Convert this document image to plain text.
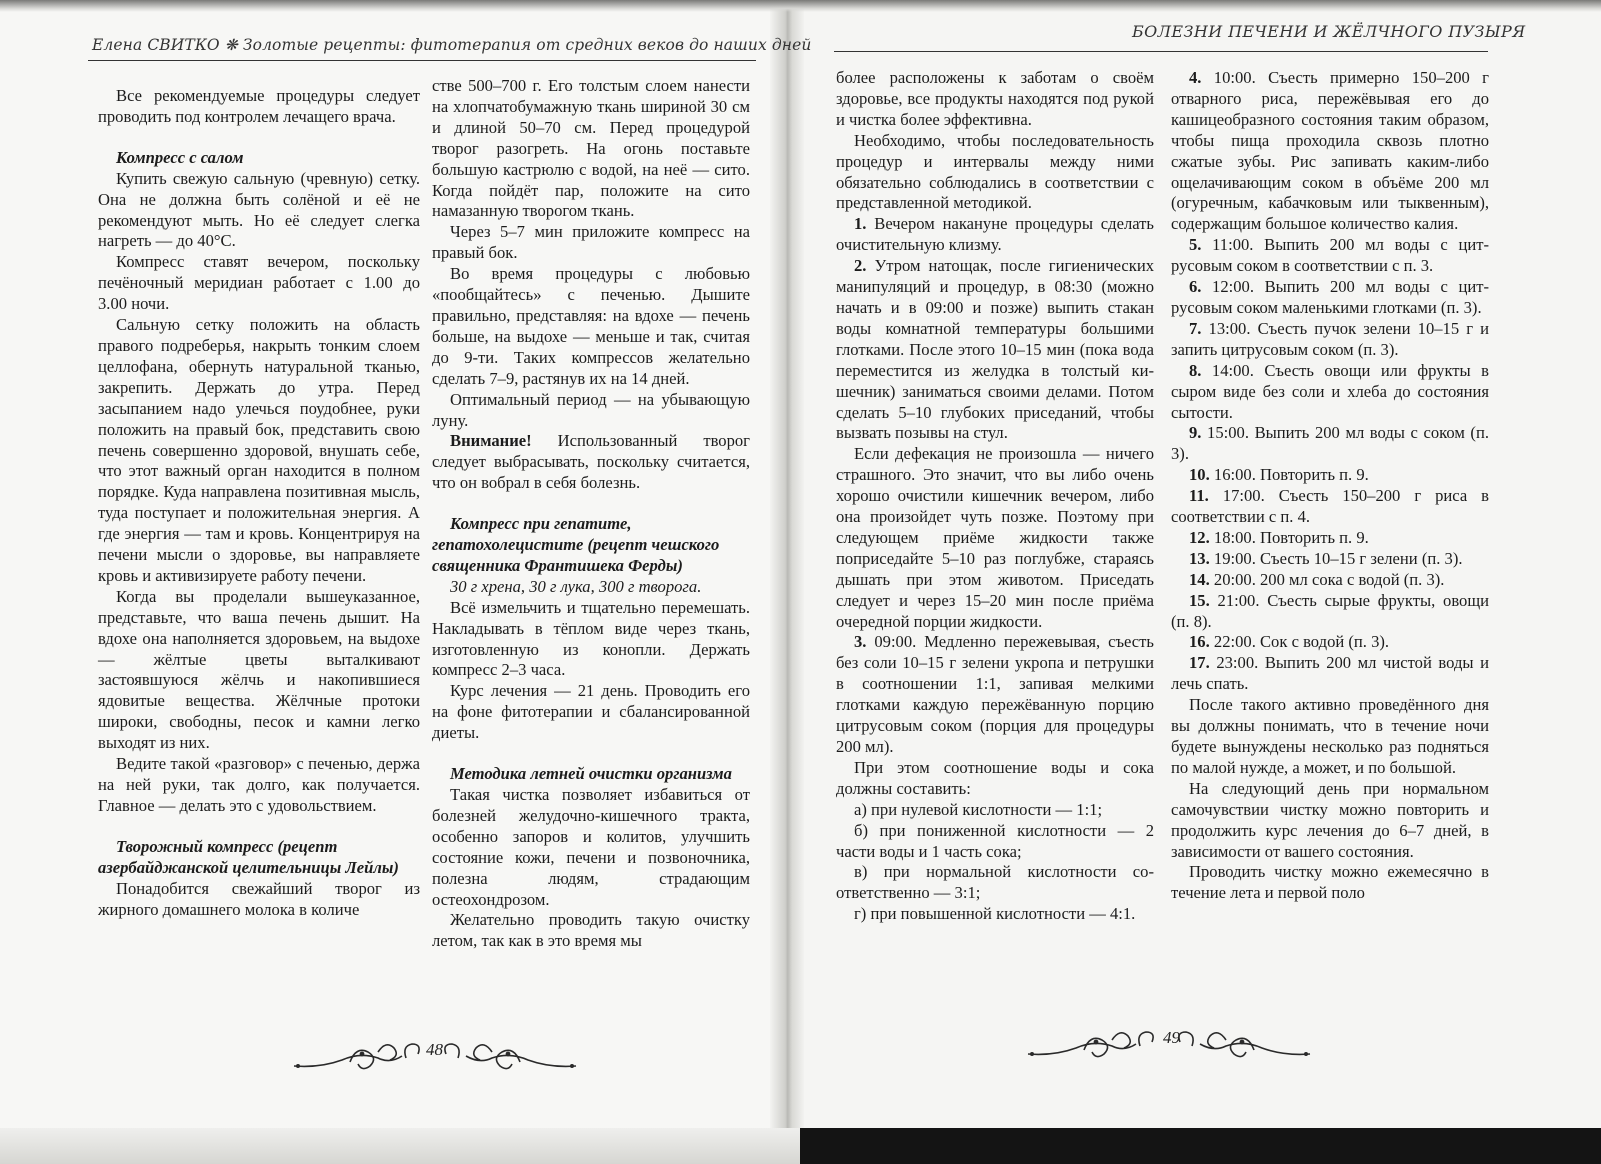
Елена СВИТКО ❋ Золотые рецепты: фитотерапия от средних веков до наших дней
БОЛЕЗНИ ПЕЧЕНИ И ЖЁЛЧНОГО ПУЗЫРЯ

Все рекомендуемые процедуры следует проводить под контролем лечащего врача.

Компресс с салом

Купить свежую сальную (чревную) сетку. Она не должна быть солёной и её не рекомендуют мыть. Но её следует слегка нагреть — до 40°С.

Компресс ставят вечером, поскольку печёночный меридиан работает с 1.00 до 3.00 ночи.

Сальную сетку положить на область правого подреберья, накрыть тонким слоем целлофана, обернуть натуральной тканью, закрепить. Держать до утра. Перед засыпанием надо улечься поудобнее, руки положить на правый бок, представить свою печень совершенно здоровой, внушать себе, что этот важный орган находится в полном порядке. Куда направлена позитивная мысль, туда поступает и положительная энергия. А где энергия — там и кровь. Концентрируя на печени мысли о здоровье, вы направляете кровь и активизируете работу печени.

Когда вы проделали вышеуказанное, представьте, что ваша печень дышит. На вдохе она наполняется здоровьем, на выдохе — жёлтые цветы выталкивают застоявшуюся жёлчь и накопившиеся ядовитые вещества. Жёлчные протоки широки, свободны, песок и камни легко выходят из них.

Ведите такой «разговор» с печенью, держа на ней руки, так долго, как получается. Главное — делать это с удовольствием.

Творожный компресс (рецепт азербайджанской целительницы Лейлы)

Понадобится свежайший творог из жирного домашнего молока в количе

стве 500–700 г. Его толстым слоем нанести на хлопчатобумажную ткань шириной 30 см и длиной 50–70 см. Перед процедурой творог разогреть. На огонь поставьте большую кастрюлю с водой, на неё — сито. Когда пойдёт пар, положите на сито намазанную творогом ткань.

Через 5–7 мин приложите компресс на правый бок.

Во время процедуры с любовью «пообщайтесь» с печенью. Дышите правильно, представляя: на вдохе — печень больше, на выдохе — меньше и так, считая до 9-ти. Таких компрессов желательно сделать 7–9, растянув их на 14 дней.

Оптимальный период — на убывающую луну.

Внимание! Использованный творог следует выбрасывать, поскольку считается, что он вобрал в себя болезнь.

Компресс при гепатите, гепатохолецистите (рецепт чешского священника Франтишека Ферды)

30 г хрена, 30 г лука, 300 г творога.

Всё измельчить и тщательно перемешать. Накладывать в тёплом виде через ткань, изготовленную из конопли. Держать компресс 2–3 часа.

Курс лечения — 21 день. Проводить его на фоне фитотерапии и сбалансированной диеты.

Методика летней очистки организма

Такая чистка позволяет избавиться от болезней желудочно-кишечного тракта, особенно запоров и колитов, улучшить состояние кожи, печени и позвоночника, полезна людям, страдающим остеохондрозом.

Желательно проводить такую очистку летом, так как в это время мы

более расположены к заботам о своём здоровье, все продукты находятся под рукой и чистка более эффективна.

Необходимо, чтобы последовательность процедур и интервалы между ними обязательно соблюдались в соответствии с представленной методикой.

1. Вечером накануне процедуры сделать очистительную клизму.

2. Утром натощак, после гигиенических манипуляций и процедур, в 08:30 (можно начать и в 09:00 и позже) выпить стакан воды комнатной температуры большими глотками. После этого 10–15 мин (пока вода переместится из желудка в толстый кишечник) заниматься своими делами. Потом сделать 5–10 глубоких приседаний, чтобы вызвать позывы на стул.

Если дефекация не произошла — ничего страшного. Это значит, что вы либо очень хорошо очистили кишечник вечером, либо она произойдет чуть позже. Поэтому при следующем приёме жидкости также поприседайте 5–10 раз поглубже, стараясь дышать при этом животом. Приседать следует и через 15–20 мин после приёма очередной порции жидкости.

3. 09:00. Медленно пережевывая, съесть без соли 10–15 г зелени укропа и петрушки в соотношении 1:1, запивая мелкими глотками каждую пережёванную порцию цитрусовым соком (порция для процедуры 200 мл).

При этом соотношение воды и сока должны составить:

а) при нулевой кислотности — 1:1;

б) при пониженной кислотности — 2 части воды и 1 часть сока;

в) при нормальной кислотности соответственно — 3:1;

г) при повышенной кислотности — 4:1.

4. 10:00. Съесть примерно 150–200 г отварного риса, пережёвывая его до кашицеобразного состояния таким образом, чтобы пища проходила сквозь плотно сжатые зубы. Рис запивать каким-либо ощелачивающим соком в объёме 200 мл (огуречным, кабачковым или тыквенным), содержащим большое количество калия.

5. 11:00. Выпить 200 мл воды с цитрусовым соком в соответствии с п. 3.

6. 12:00. Выпить 200 мл воды с цитрусовым соком маленькими глотками (п. 3).

7. 13:00. Съесть пучок зелени 10–15 г и запить цитрусовым соком (п. 3).

8. 14:00. Съесть овощи или фрукты в сыром виде без соли и хлеба до состояния сытости.

9. 15:00. Выпить 200 мл воды с соком (п. 3).

10. 16:00. Повторить п. 9.

11. 17:00. Съесть 150–200 г риса в соответствии с п. 4.

12. 18:00. Повторить п. 9.

13. 19:00. Съесть 10–15 г зелени (п. 3).

14. 20:00. 200 мл сока с водой (п. 3).

15. 21:00. Съесть сырые фрукты, овощи (п. 8).

16. 22:00. Сок с водой (п. 3).

17. 23:00. Выпить 200 мл чистой воды и лечь спать.

После такого активно проведённого дня вы должны понимать, что в течение ночи будете вынуждены несколько раз подняться по малой нужде, а может, и по большой.

На следующий день при нормальном самочувствии чистку можно повторить и продолжить курс лечения до 6–7 дней, в зависимости от вашего состояния.

Проводить чистку можно ежемесячно в течение лета и первой поло

48
49
